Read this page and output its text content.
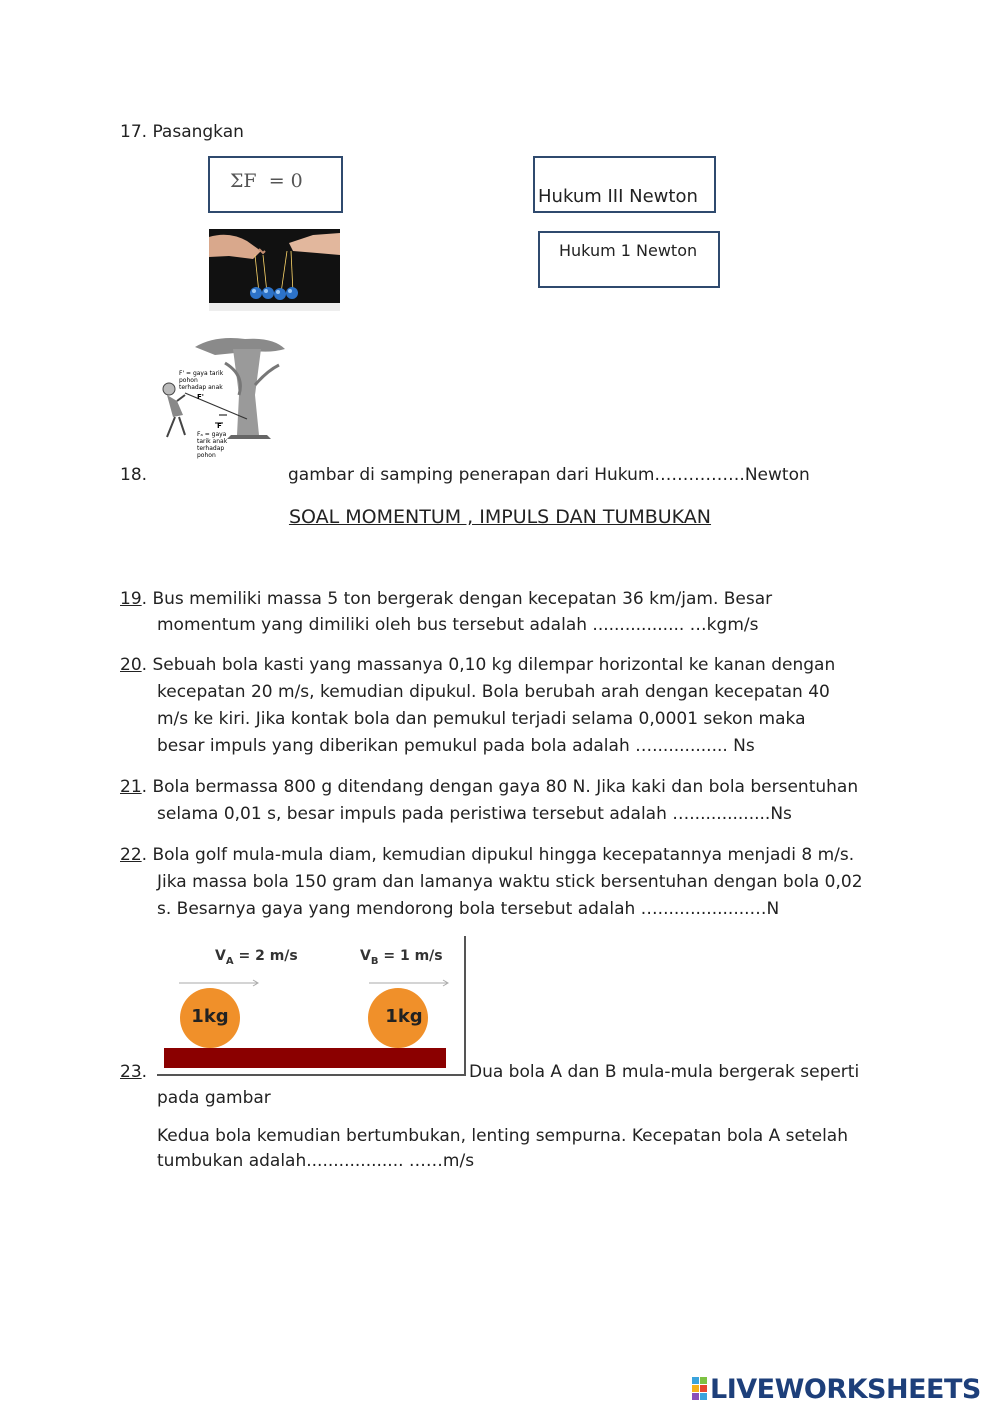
17. Pasangkan
ΣF  = 0
Hukum III Newton
Hukum 1 Newton
F' = gaya tarik pohon terhadap anak
F'
F
Fₐ = gaya tarik anak terhadap pohon
18.	gambar di samping penerapan dari Hukum…………….Newton
SOAL MOMENTUM , IMPULS DAN TUMBUKAN
19. Bus memiliki massa 5 ton bergerak dengan kecepatan 36 km/jam. Besar
momentum yang dimiliki oleh bus tersebut adalah ................. …kgm/s
20. Sebuah bola kasti yang massanya 0,10 kg dilempar horizontal ke kanan dengan
kecepatan 20 m/s, kemudian dipukul. Bola berubah arah dengan kecepatan 40
m/s ke kiri. Jika kontak bola dan pemukul terjadi selama 0,0001 sekon maka
besar impuls yang diberikan pemukul pada bola adalah ….............. Ns
21. Bola bermassa 800 g ditendang dengan gaya 80 N. Jika kaki dan bola bersentuhan
selama 0,01 s, besar impuls pada peristiwa tersebut adalah …...............Ns
22. Bola golf mula-mula diam, kemudian dipukul hingga kecepatannya menjadi 8 m/s.
Jika massa bola 150 gram dan lamanya waktu stick bersentuhan dengan bola 0,02
s. Besarnya gaya yang mendorong bola tersebut adalah ….................…N
23.
$V_A = 2$ m/s	$V_B = 1$ m/s
1kg	1kg
Dua bola A dan B mula-mula bergerak seperti
pada gambar
Kedua bola kemudian bertumbukan, lenting sempurna. Kecepatan bola A setelah
tumbukan adalah.................. ……m/s
LIVEWORKSHEETS
